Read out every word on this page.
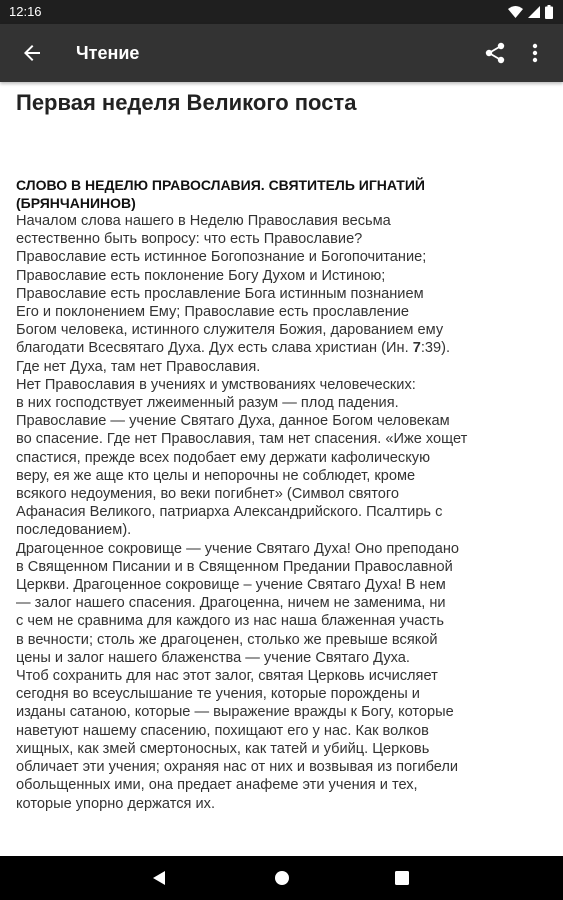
12:16
Чтение
Первая неделя Великого поста
СЛОВО В НЕДЕЛЮ ПРАВОСЛАВИЯ. СВЯТИТЕЛЬ ИГНАТИЙ (БРЯНЧАНИНОВ)

Началом слова нашего в Неделю Православия весьма

естественно быть вопросу: что есть Православие?

Православие есть истинное Богопознание и Богопочитание;

Православие есть поклонение Богу Духом и Истиною;

Православие есть прославление Бога истинным познанием

Его и поклонением Ему; Православие есть прославление

Богом человека, истинного служителя Божия, дарованием ему

благодати Всесвятаго Духа. Дух есть слава христиан (Ин. 7:39).

Где нет Духа, там нет Православия.

Нет Православия в учениях и умствованиях человеческих:

в них господствует лжеименный разум — плод падения.

Православие — учение Святаго Духа, данное Богом человекам

во спасение. Где нет Православия, там нет спасения. «Иже хощет

спастися, прежде всех подобает ему держати кафолическую

веру, ея же аще кто целы и непорочны не соблюдет, кроме

всякого недоумения, во веки погибнет» (Символ святого

Афанасия Великого, патриарха Александрийского. Псалтирь с

последованием).

Драгоценное сокровище — учение Святаго Духа! Оно преподано

в Священном Писании и в Священном Предании Православной

Церкви. Драгоценное сокровище – учение Святаго Духа! В нем

— залог нашего спасения. Драгоценна, ничем не заменима, ни

с чем не сравнима для каждого из нас наша блаженная участь

в вечности; столь же драгоценен, столько же превыше всякой

цены и залог нашего блаженства — учение Святаго Духа.

Чтоб сохранить для нас этот залог, святая Церковь исчисляет

сегодня во всеуслышание те учения, которые порождены и

изданы сатаною, которые — выражение вражды к Богу, которые

наветуют нашему спасению, похищают его у нас. Как волков

хищных, как змей смертоносных, как татей и убийц. Церковь

обличает эти учения; охраняя нас от них и возвывая из погибели

обольщенных ими, она предает анафеме эти учения и тех,

которые упорно держатся их.
